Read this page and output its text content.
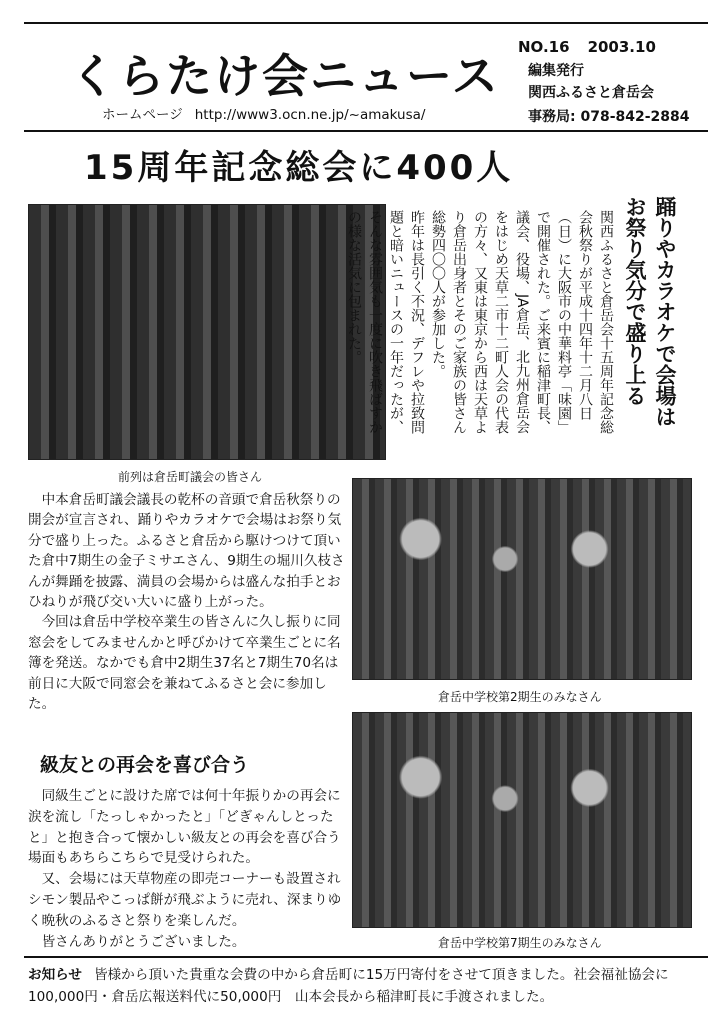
くらたけ会ニュース
ホームページ http://www3.ocn.ne.jp/~amakusa/
NO.16 2003.10
編集発行
関西ふるさと倉岳会
事務局: 078-842-2884
15周年記念総会に400人
前列は倉岳町議会の皆さん
踊りやカラオケで会場は
お祭り気分で盛り上る

関西ふるさと倉岳会十五周年記念総会秋祭りが平成十四年十二月八日（日）に大阪市の中華料亭「味園」で開催された。ご来賓に稲津町長、議会、役場、JA倉岳、北九州倉岳会をはじめ天草二市十二町人会の代表の方々、又東は東京から西は天草より倉岳出身者とそのご家族の皆さん総勢四〇〇人が参加した。

昨年は長引く不況、デフレや拉致問題と暗いニュースの一年だったが、そんな雰囲気も一度に吹き飛ばすかの様な活気に包まれた。

中本倉岳町議会議長の乾杯の音頭で倉岳秋祭りの開会が宣言され、踊りやカラオケで会場はお祭り気分で盛り上った。ふるさと倉岳から駆けつけて頂いた倉中7期生の金子ミサエさん、9期生の堀川久枝さんが舞踊を披露、満員の会場からは盛んな拍手とおひねりが飛び交い大いに盛り上がった。

今回は倉岳中学校卒業生の皆さんに久し振りに同窓会をしてみませんかと呼びかけて卒業生ごとに名簿を発送。なかでも倉中2期生37名と7期生70名は前日に大阪で同窓会を兼ねてふるさと会に参加した。	倉岳中学校第2期生のみなさん
級友との再会を喜び合う

同級生ごとに設けた席では何十年振りかの再会に涙を流し「たっしゃかったと」「どぎゃんしとったと」と抱き合って懐かしい級友との再会を喜び合う場面もあちらこちらで見受けられた。

又、会場には天草物産の即売コーナーも設置されシモン製品やこっぱ餅が飛ぶように売れ、深まりゆく晩秋のふるさと祭りを楽しんだ。

皆さんありがとうございました。	倉岳中学校第7期生のみなさん
お知らせ 皆様から頂いた貴重な会費の中から倉岳町に15万円寄付をさせて頂きました。社会福祉協会に100,000円・倉岳広報送料代に50,000円　山本会長から稲津町長に手渡されました。
